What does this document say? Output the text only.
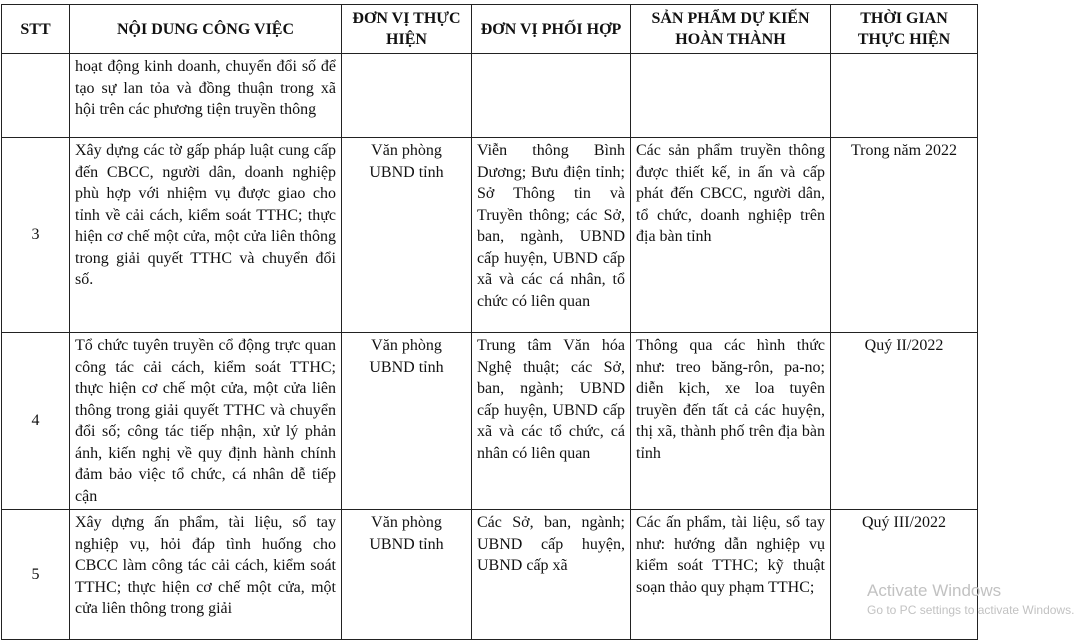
STT	NỘI DUNG CÔNG VIỆC	ĐƠN VỊ THỰC HIỆN	ĐƠN VỊ PHỐI HỢP	SẢN PHẨM DỰ KIẾN HOÀN THÀNH	THỜI GIAN THỰC HIỆN
	hoạt động kinh doanh, chuyển đổi số để tạo sự lan tỏa và đồng thuận trong xã hội trên các phương tiện truyền thông				
3	Xây dựng các tờ gấp pháp luật cung cấp đến CBCC, người dân, doanh nghiệp phù hợp với nhiệm vụ được giao cho tỉnh về cải cách, kiểm soát TTHC; thực hiện cơ chế một cửa, một cửa liên thông trong giải quyết TTHC và chuyển đổi số.	Văn phòng UBND tỉnh	Viễn thông Bình Dương; Bưu điện tỉnh; Sở Thông tin và Truyền thông; các Sở, ban, ngành, UBND cấp huyện, UBND cấp xã và các cá nhân, tổ chức có liên quan	Các sản phẩm truyền thông được thiết kế, in ấn và cấp phát đến CBCC, người dân, tổ chức, doanh nghiệp trên địa bàn tỉnh	Trong năm 2022
4	Tổ chức tuyên truyền cổ động trực quan công tác cải cách, kiểm soát TTHC; thực hiện cơ chế một cửa, một cửa liên thông trong giải quyết TTHC và chuyển đổi số; công tác tiếp nhận, xử lý phản ánh, kiến nghị về quy định hành chính đảm bảo việc tổ chức, cá nhân dễ tiếp cận	Văn phòng UBND tỉnh	Trung tâm Văn hóa Nghệ thuật; các Sở, ban, ngành; UBND cấp huyện, UBND cấp xã và các tổ chức, cá nhân có liên quan	Thông qua các hình thức như: treo băng-rôn, pa-no; diễn kịch, xe loa tuyên truyền đến tất cả các huyện, thị xã, thành phố trên địa bàn tỉnh	Quý II/2022
5	Xây dựng ấn phẩm, tài liệu, sổ tay nghiệp vụ, hỏi đáp tình huống cho CBCC làm công tác cải cách, kiểm soát TTHC; thực hiện cơ chế một cửa, một cửa liên thông trong giải	Văn phòng UBND tỉnh	Các Sở, ban, ngành; UBND cấp huyện, UBND cấp xã	Các ấn phẩm, tài liệu, sổ tay như: hướng dẫn nghiệp vụ kiểm soát TTHC; kỹ thuật soạn thảo quy phạm TTHC;	Quý III/2022
Activate Windows
Go to PC settings to activate Windows.
